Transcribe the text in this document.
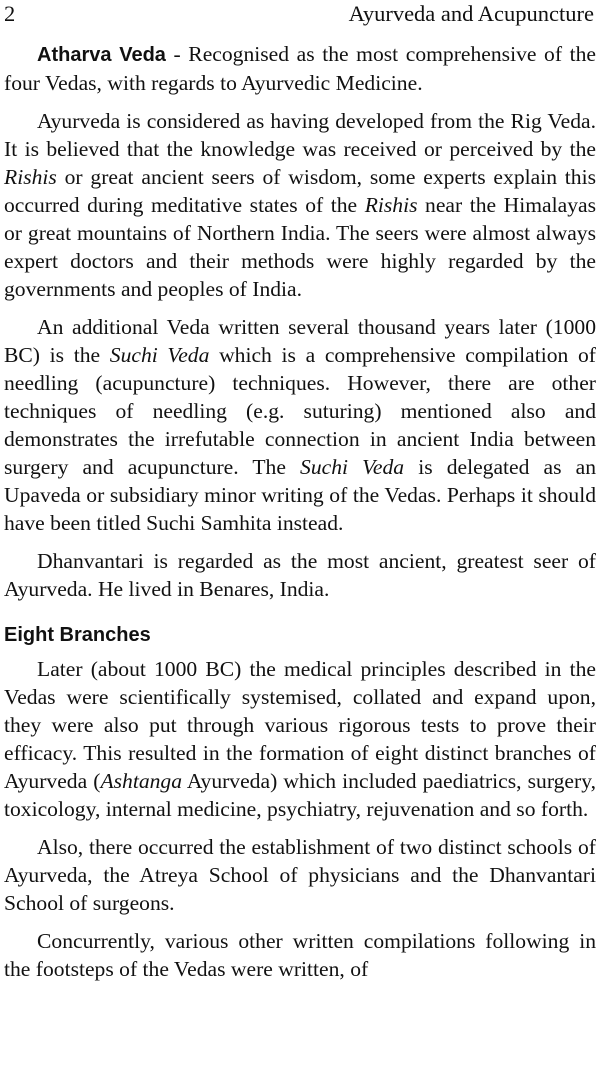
2	Ayurveda and Acupuncture

Atharva Veda - Recognised as the most comprehensive of the four Vedas, with regards to Ayurvedic Medicine.

Ayurveda is considered as having developed from the Rig Veda. It is believed that the knowledge was received or perceived by the Rishis or great ancient seers of wisdom, some experts explain this occurred during meditative states of the Rishis near the Himalayas or great mountains of Northern India. The seers were almost always expert doctors and their methods were highly regarded by the governments and peoples of India.

An additional Veda written several thousand years later (1000 BC) is the Suchi Veda which is a comprehensive compilation of needling (acupuncture) techniques. However, there are other techniques of needling (e.g. suturing) mentioned also and demonstrates the irrefutable connection in ancient India between surgery and acupuncture. The Suchi Veda is delegated as an Upaveda or subsidiary minor writing of the Vedas. Perhaps it should have been titled Suchi Samhita instead.

Dhanvantari is regarded as the most ancient, greatest seer of Ayurveda. He lived in Benares, India.

Eight Branches

Later (about 1000 BC) the medical principles described in the Vedas were scientifically systemised, collated and expand upon, they were also put through various rigorous tests to prove their efficacy. This resulted in the formation of eight distinct branches of Ayurveda (Ashtanga Ayurveda) which included paediatrics, surgery, toxicology, internal medicine, psychiatry, rejuvenation and so forth.

Also, there occurred the establishment of two distinct schools of Ayurveda, the Atreya School of physicians and the Dhanvantari School of surgeons.

Concurrently, various other written compilations following in the footsteps of the Vedas were written, of
